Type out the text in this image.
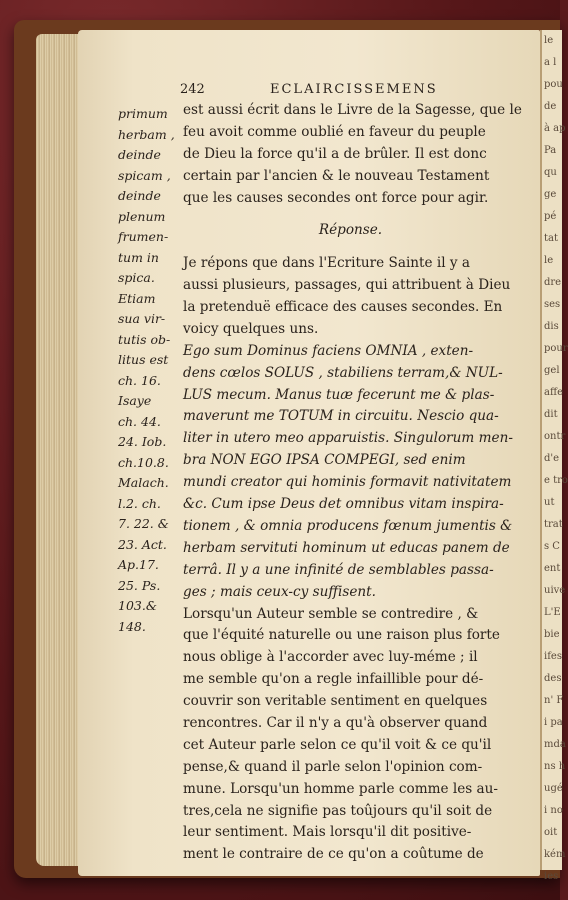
le
a l
pou
de
à ap
Pa
qu
ge
pé
tat
le
dre
ses
dis
pour
gel
affe
dit
ontr
d'e
e tro
ut
trat
s C
ent
uive
L'E
bie
ifes
des
n' F
i pa
mda
ns h
ugé
i no
oit
kém
ies
242	ECLAIRCISSEMENS
primum
herbam ,
deinde
spicam ,
deinde
plenum
frumen-
tum in
spica.
Etiam
sua vir-
tutis ob-
litus est
ch. 16.
Isaye
ch. 44.
24. Iob.
ch.10.8.
Malach.
l.2. ch.
7. 22. &
23. Act.
Ap.17.
25. Ps.
103.&
148.
est aussi écrit dans le Livre de la Sagesse, que le
feu avoit comme oublié en faveur du peuple
de Dieu la force qu'il a de brûler. Il est donc
certain par l'ancien & le nouveau Testament
que les causes secondes ont force pour agir.
Réponse.
Je répons que dans l'Ecriture Sainte il y a
aussi plusieurs, passages, qui attribuent à Dieu
la pretenduë efficace des causes secondes. En
voicy quelques uns.
Ego sum Dominus faciens OMNIA , exten-
dens cœlos SOLUS , stabiliens terram,& NUL-
LUS mecum. Manus tuæ fecerunt me & plas-
maverunt me TOTUM in circuitu. Nescio qua-
liter in utero meo apparuistis. Singulorum men-
bra NON EGO IPSA COMPEGI, sed enim
mundi creator qui hominis formavit nativitatem
&c. Cum ipse Deus det omnibus vitam inspira-
tionem , & omnia producens fœnum jumentis &
herbam servituti hominum ut educas panem de
terrâ. Il y a une infinité de semblables passa-
ges ; mais ceux-cy suffisent.
Lorsqu'un Auteur semble se contredire , &
que l'équité naturelle ou une raison plus forte
nous oblige à l'accorder avec luy-méme ; il
me semble qu'on a regle infaillible pour dé-
couvrir son veritable sentiment en quelques
rencontres. Car il n'y a qu'à observer quand
cet Auteur parle selon ce qu'il voit & ce qu'il
pense,& quand il parle selon l'opinion com-
mune. Lorsqu'un homme parle comme les au-
tres,cela ne signifie pas toûjours qu'il soit de
leur sentiment. Mais lorsqu'il dit positive-
ment le contraire de ce qu'on a coûtume de
